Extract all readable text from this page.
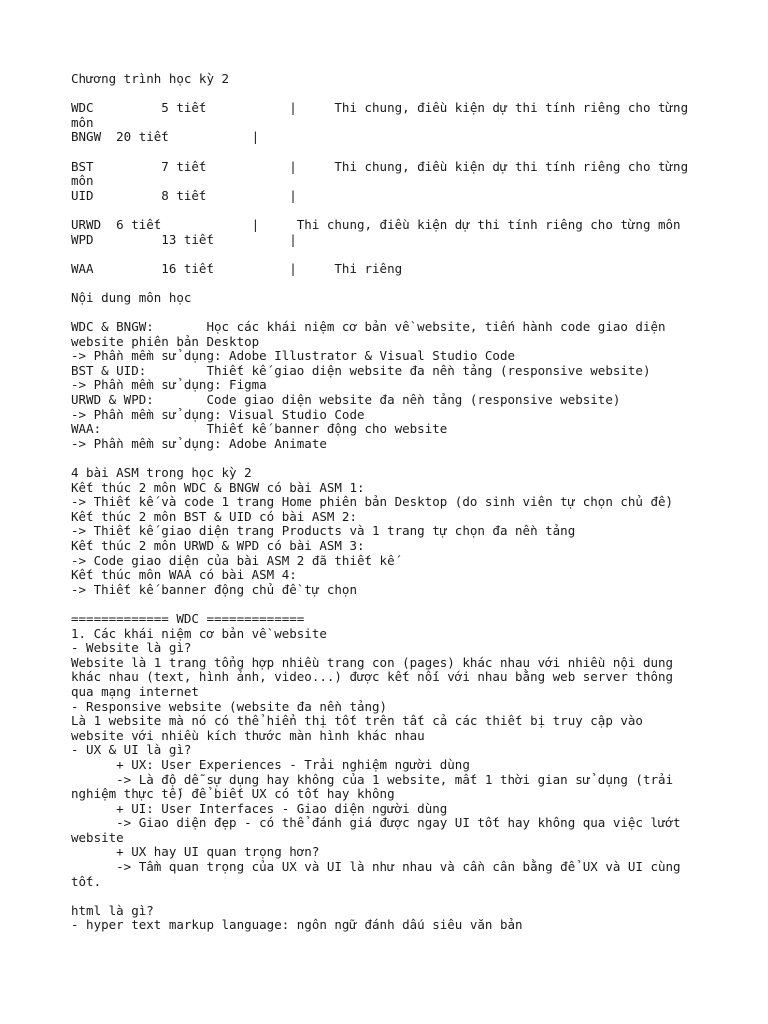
Chương trình học kỳ 2
WDC         5 tiết           |     Thi chung, điều kiện dự thi tính riêng cho từng
môn
BNGW  20 tiết           |
BST         7 tiết           |     Thi chung, điều kiện dự thi tính riêng cho từng
môn
UID         8 tiết           |
URWD  6 tiết            |     Thi chung, điều kiện dự thi tính riêng cho từng môn
WPD         13 tiết          |
WAA         16 tiết          |     Thi riêng
Nội dung môn học
WDC & BNGW:       Học các khái niệm cơ bản về website, tiến hành code giao diện
website phiên bản Desktop
-> Phần mềm sử dụng: Adobe Illustrator & Visual Studio Code
BST & UID:        Thiết kế giao diện website đa nền tảng (responsive website)
-> Phần mềm sử dụng: Figma
URWD & WPD:       Code giao diện website đa nền tảng (responsive website)
-> Phần mềm sử dụng: Visual Studio Code
WAA:              Thiết kế banner động cho website
-> Phần mềm sử dụng: Adobe Animate
4 bài ASM trong học kỳ 2
Kết thúc 2 môn WDC & BNGW có bài ASM 1:
-> Thiết kế và code 1 trang Home phiên bản Desktop (do sinh viên tự chọn chủ đề)
Kết thúc 2 môn BST & UID có bài ASM 2:
-> Thiết kế giao diện trang Products và 1 trang tự chọn đa nền tảng
Kết thúc 2 môn URWD & WPD có bài ASM 3:
-> Code giao diện của bài ASM 2 đã thiết kế
Kết thúc môn WAA có bài ASM 4:
-> Thiết kế banner động chủ đề tự chọn
============= WDC =============
1. Các khái niệm cơ bản về website
- Website là gì?
Website là 1 trang tổng hợp nhiều trang con (pages) khác nhau với nhiều nội dung
khác nhau (text, hình ảnh, video...) được kết nối với nhau bằng web server thông
qua mạng internet
- Responsive website (website đa nền tảng)
Là 1 website mà nó có thể hiển thị tốt trên tất cả các thiết bị truy cập vào
website với nhiều kích thước màn hình khác nhau
- UX & UI là gì?
+ UX: User Experiences - Trải nghiệm người dùng
-> Là độ dễ sự dụng hay không của 1 website, mất 1 thời gian sử dụng (trải
nghiệm thực tế) để biết UX có tốt hay không
+ UI: User Interfaces - Giao diện người dùng
-> Giao diện đẹp - có thể đánh giá được ngay UI tốt hay không qua việc lướt
website
+ UX hay UI quan trọng hơn?
-> Tầm quan trọng của UX và UI là như nhau và cần cân bằng để UX và UI cùng
tốt.
html là gì?
- hyper text markup language: ngôn ngữ đánh dấu siêu văn bản
